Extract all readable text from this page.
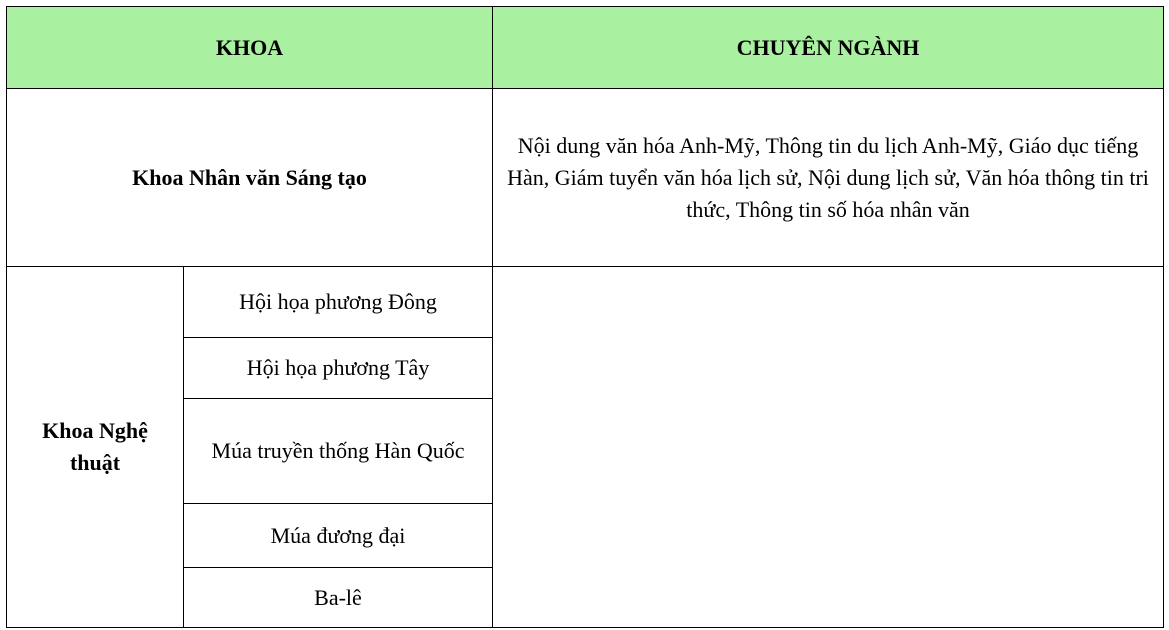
KHOA		CHUYÊN NGÀNH
Khoa Nhân văn Sáng tạo		Nội dung văn hóa Anh-Mỹ, Thông tin du lịch Anh-Mỹ, Giáo dục tiếng Hàn, Giám tuyển văn hóa lịch sử, Nội dung lịch sử, Văn hóa thông tin tri thức, Thông tin số hóa nhân văn
Khoa Nghệ thuật	Hội họa phương Đông	
	Hội họa phương Tây	
	Múa truyền thống Hàn Quốc	
	Múa đương đại	
	Ba-lê	
